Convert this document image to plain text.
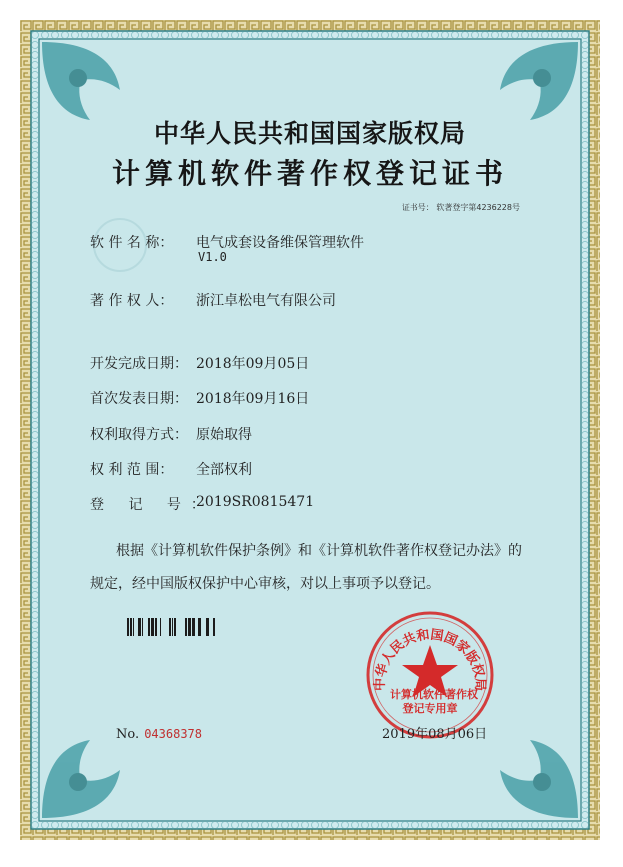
中华人民共和国国家版权局
中华人民共和国国家版权局
计算机软件著作权登记证书
证书号： 软著登字第4236228号
软 件 名 称： 电气成套设备维保管理软件
V1.0
著 作 权 人： 浙江卓松电气有限公司
开发完成日期： 2018年09月05日
首次发表日期： 2018年09月16日
权利取得方式： 原始取得
权 利 范 围： 全部权利
登 记 号：
2019SR0815471
根据《计算机软件保护条例》和《计算机软件著作权登记办法》的
规定，经中国版权保护中心审核，对以上事项予以登记。
计算机软件著作权
登记专用章
No. 04368378	2019年08月06日
